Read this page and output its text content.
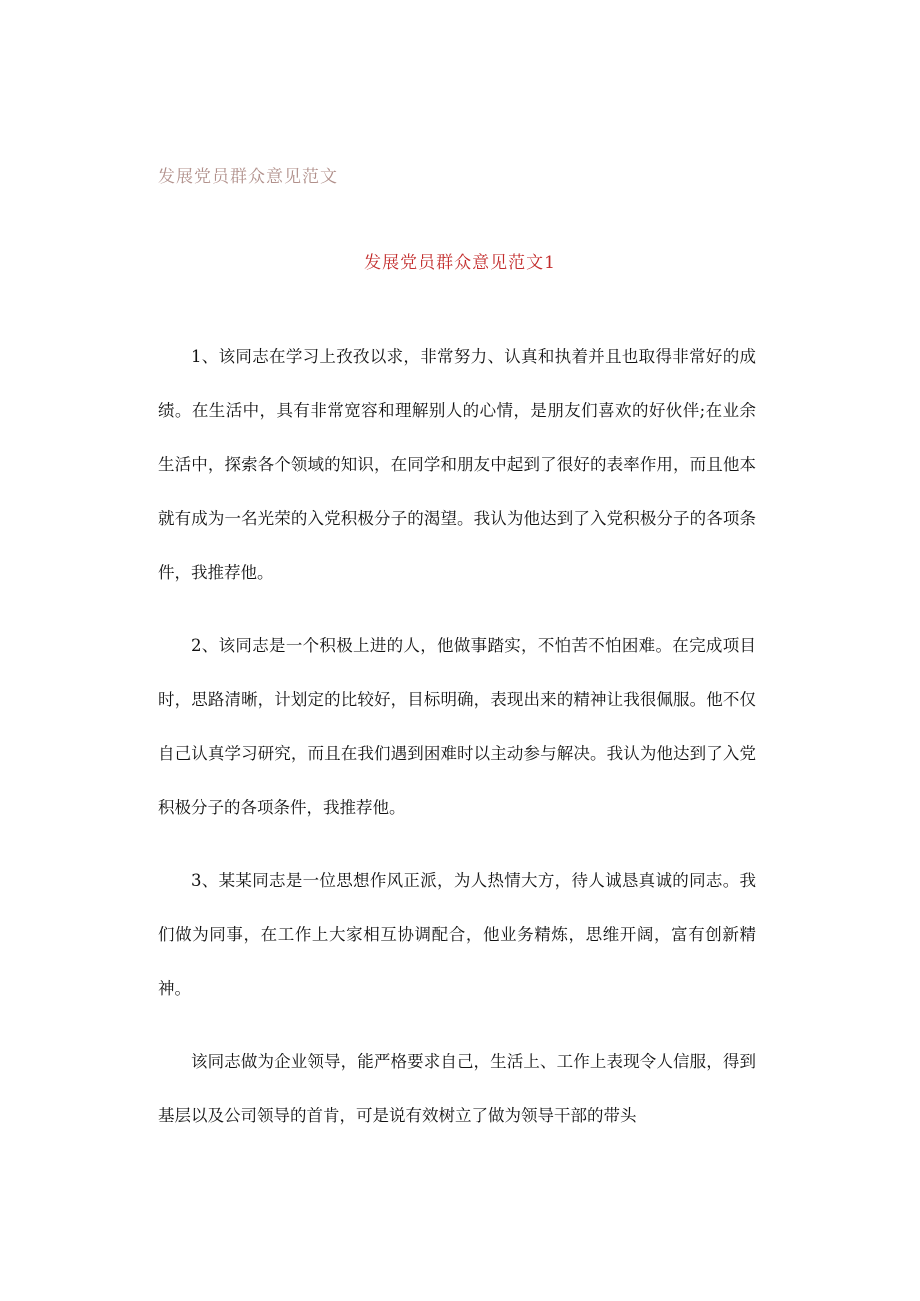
发展党员群众意见范文
发展党员群众意见范文1

1、该同志在学习上孜孜以求，非常努力、认真和执着并且也取得非常好的成绩。在生活中，具有非常宽容和理解别人的心情，是朋友们喜欢的好伙伴;在业余生活中，探索各个领域的知识，在同学和朋友中起到了很好的表率作用，而且他本就有成为一名光荣的入党积极分子的渴望。我认为他达到了入党积极分子的各项条件，我推荐他。

2、该同志是一个积极上进的人，他做事踏实，不怕苦不怕困难。在完成项目时，思路清晰，计划定的比较好，目标明确，表现出来的精神让我很佩服。他不仅自己认真学习研究，而且在我们遇到困难时以主动参与解决。我认为他达到了入党积极分子的各项条件，我推荐他。

3、某某同志是一位思想作风正派，为人热情大方，待人诚恳真诚的同志。我们做为同事，在工作上大家相互协调配合，他业务精炼，思维开阔，富有创新精神。

该同志做为企业领导，能严格要求自己，生活上、工作上表现令人信服，得到基层以及公司领导的首肯，可是说有效树立了做为领导干部的带头
